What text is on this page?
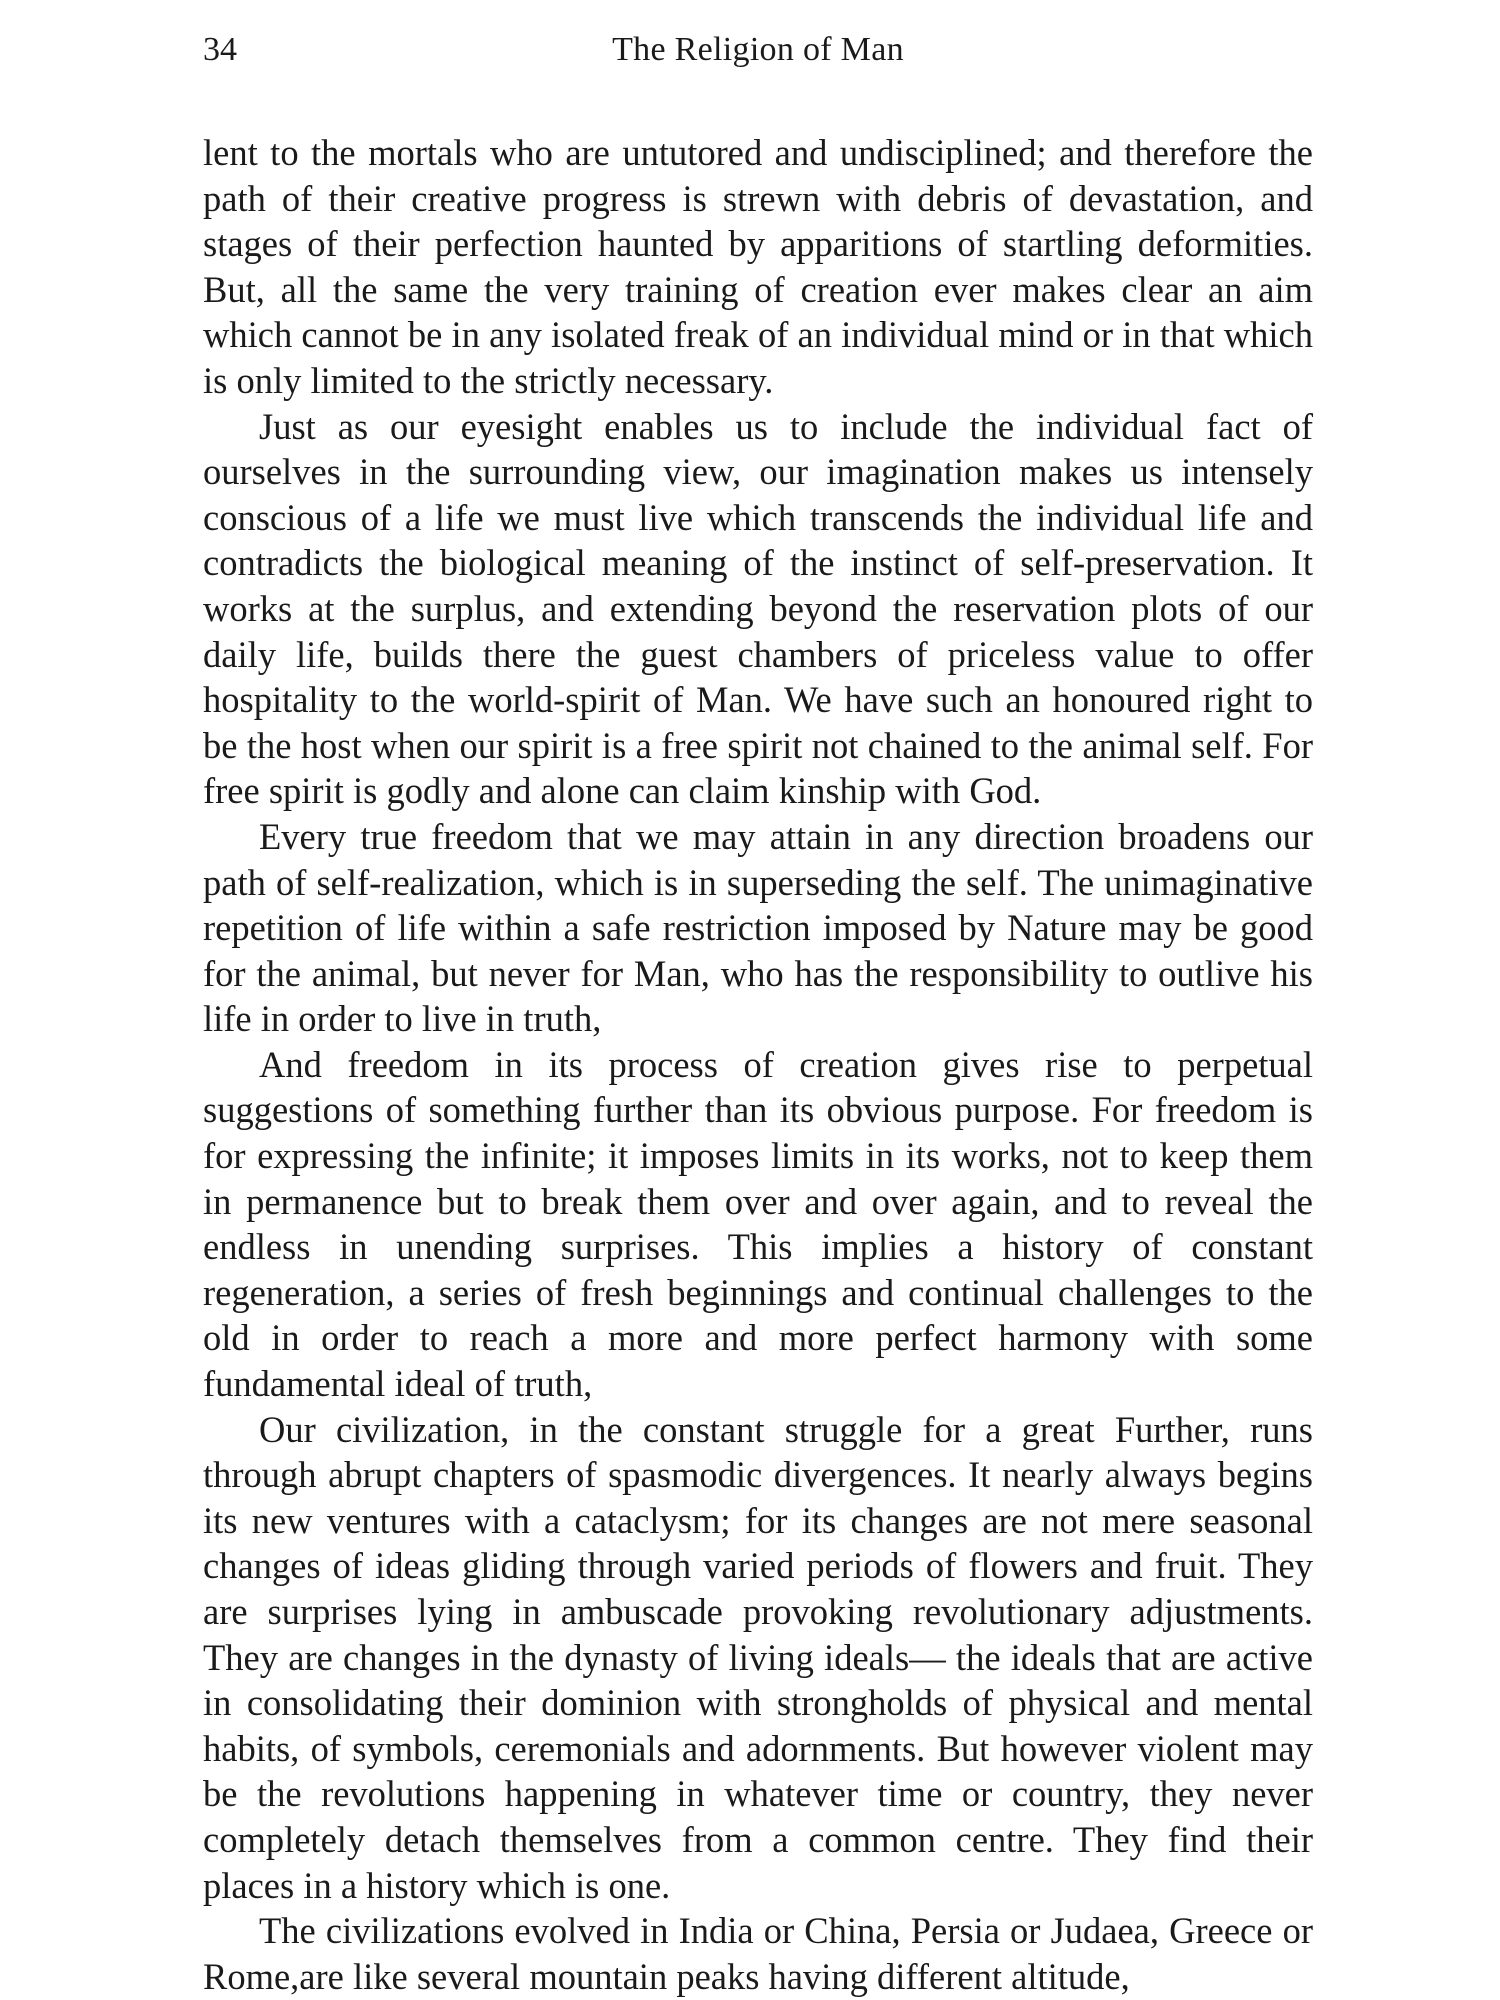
34	The Religion of Man

lent to the mortals who are untutored and undisciplined; and therefore the path of their creative progress is strewn with debris of devastation, and stages of their perfection haunted by apparitions of startling deformities. But, all the same the very training of creation ever makes clear an aim which cannot be in any isolated freak of an individual mind or in that which is only limited to the strictly necessary.

Just as our eyesight enables us to include the individual fact of ourselves in the surrounding view, our imagination makes us intensely conscious of a life we must live which transcends the individual life and contradicts the biological meaning of the instinct of self-preservation. It works at the surplus, and extending beyond the reservation plots of our daily life, builds there the guest chambers of priceless value to offer hospitality to the world-spirit of Man. We have such an honoured right to be the host when our spirit is a free spirit not chained to the animal self. For free spirit is godly and alone can claim kinship with God.

Every true freedom that we may attain in any direction broadens our path of self-realization, which is in superseding the self. The unimaginative repetition of life within a safe restriction imposed by Nature may be good for the animal, but never for Man, who has the responsibility to outlive his life in order to live in truth,

And freedom in its process of creation gives rise to perpetual suggestions of something further than its obvious purpose. For freedom is for expressing the infinite; it imposes limits in its works, not to keep them in permanence but to break them over and over again, and to reveal the endless in unending surprises. This implies a history of constant regeneration, a series of fresh beginnings and continual challenges to the old in order to reach a more and more perfect harmony with some fundamental ideal of truth,

Our civilization, in the constant struggle for a great Further, runs through abrupt chapters of spasmodic divergences. It nearly always begins its new ventures with a cataclysm; for its changes are not mere seasonal changes of ideas gliding through varied periods of flowers and fruit. They are surprises lying in ambuscade provoking revolutionary adjustments. They are changes in the dynasty of living ideals— the ideals that are active in consolidating their dominion with strongholds of physical and mental habits, of symbols, ceremonials and adornments. But however violent may be the revolutions happening in whatever time or country, they never completely detach themselves from a common centre. They find their places in a history which is one.

The civilizations evolved in India or China, Persia or Judaea, Greece or Rome,are like several mountain peaks having different altitude,
